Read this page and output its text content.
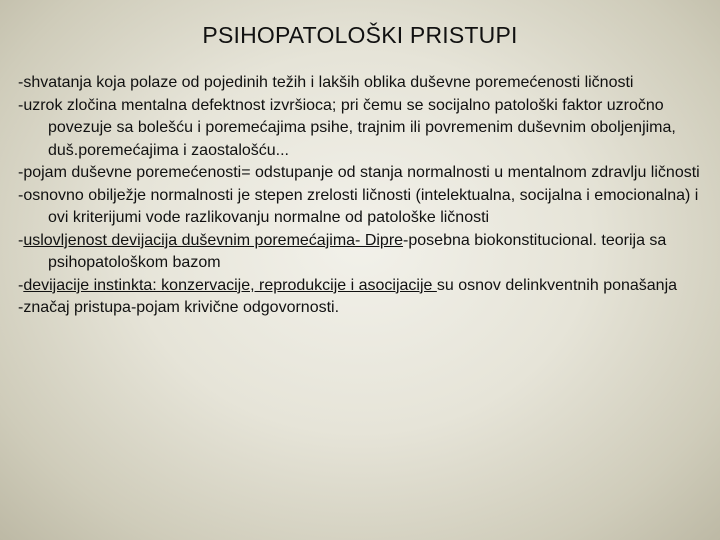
PSIHOPATOLOŠKI PRISTUPI

-shvatanja koja polaze od pojedinih težih i lakših oblika duševne poremećenosti ličnosti

-uzrok zločina mentalna defektnost izvršioca; pri čemu se socijalno patološki faktor uzročno povezuje sa bolešću i poremećajima psihe, trajnim ili povremenim duševnim oboljenjima, duš.poremećajima i zaostalošću...

-pojam duševne poremećenosti= odstupanje od stanja normalnosti u mentalnom zdravlju ličnosti

-osnovno obilježje normalnosti je stepen zrelosti ličnosti (intelektualna, socijalna i emocionalna) i ovi kriterijumi vode razlikovanju normalne od patološke ličnosti

-uslovljenost devijacija duševnim poremećajima- Dipre-posebna biokonstitucional. teorija sa psihopatološkom bazom

-devijacije instinkta: konzervacije, reprodukcije i asocijacije su osnov delinkventnih ponašanja

-značaj pristupa-pojam krivične odgovornosti.
